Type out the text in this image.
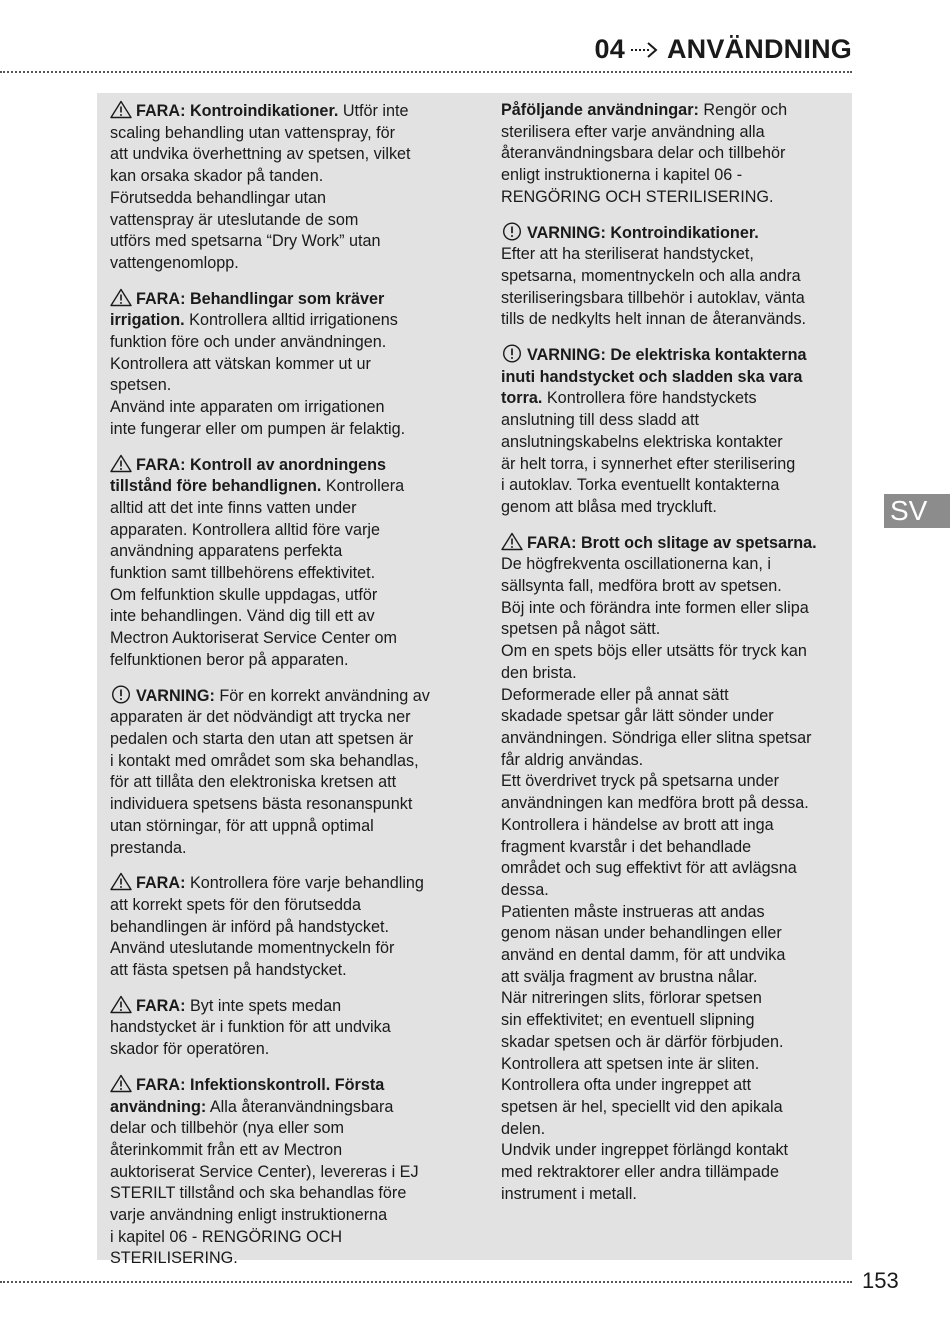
04 ANVÄNDNING
FARA: Kontroindikationer. Utför inte
scaling behandling utan vattenspray, för
att undvika överhettning av spetsen, vilket
kan orsaka skador på tanden.
Förutsedda behandlingar utan
vattenspray är uteslutande de som
utförs med spetsarna “Dry Work” utan
vattengenomlopp.
FARA: Behandlingar som kräver
irrigation. Kontrollera alltid irrigationens
funktion före och under användningen.
Kontrollera att vätskan kommer ut ur
spetsen.
Använd inte apparaten om irrigationen
inte fungerar eller om pumpen är felaktig.
FARA: Kontroll av anordningens
tillstånd före behandlignen. Kontrollera
alltid att det inte finns vatten under
apparaten. Kontrollera alltid före varje
användning apparatens perfekta
funktion samt tillbehörens effektivitet.
Om felfunktion skulle uppdagas, utför
inte behandlingen. Vänd dig till ett av
Mectron Auktoriserat Service Center om
felfunktionen beror på apparaten.
VARNING: För en korrekt användning av
apparaten är det nödvändigt att trycka ner
pedalen och starta den utan att spetsen är
i kontakt med området som ska behandlas,
för att tillåta den elektroniska kretsen att
individuera spetsens bästa resonanspunkt
utan störningar, för att uppnå optimal
prestanda.
FARA: Kontrollera före varje behandling
att korrekt spets för den förutsedda
behandlingen är införd på handstycket.
Använd uteslutande momentnyckeln för
att fästa spetsen på handstycket.
FARA: Byt inte spets medan
handstycket är i funktion för att undvika
skador för operatören.
FARA: Infektionskontroll. Första
användning: Alla återanvändningsbara
delar och tillbehör (nya eller som
återinkommit från ett av Mectron
auktoriserat Service Center), levereras i EJ
STERILT tillstånd och ska behandlas före
varje användning enligt instruktionerna
i kapitel 06 - RENGÖRING OCH
STERILISERING.
Påföljande användningar: Rengör och
sterilisera efter varje användning alla
återanvändningsbara delar och tillbehör
enligt instruktionerna i kapitel 06 -
RENGÖRING OCH STERILISERING.
VARNING: Kontroindikationer.
Efter att ha steriliserat handstycket,
spetsarna, momentnyckeln och alla andra
steriliseringsbara tillbehör i autoklav, vänta
tills de nedkylts helt innan de återanvänds.
VARNING: De elektriska kontakterna
inuti handstycket och sladden ska vara
torra. Kontrollera före handstyckets
anslutning till dess sladd att
anslutningskabelns elektriska kontakter
är helt torra, i synnerhet efter sterilisering
i autoklav. Torka eventuellt kontakterna
genom att blåsa med tryckluft.
FARA: Brott och slitage av spetsarna.
De högfrekventa oscillationerna kan, i
sällsynta fall, medföra brott av spetsen.
Böj inte och förändra inte formen eller slipa
spetsen på något sätt.
Om en spets böjs eller utsätts för tryck kan
den brista.
Deformerade eller på annat sätt
skadade spetsar går lätt sönder under
användningen. Söndriga eller slitna spetsar
får aldrig användas.
Ett överdrivet tryck på spetsarna under
användningen kan medföra brott på dessa.
Kontrollera i händelse av brott att inga
fragment kvarstår i det behandlade
området och sug effektivt för att avlägsna
dessa.
Patienten måste instrueras att andas
genom näsan under behandlingen eller
använd en dental damm, för att undvika
att svälja fragment av brustna nålar.
När nitreringen slits, förlorar spetsen
sin effektivitet; en eventuell slipning
skadar spetsen och är därför förbjuden.
Kontrollera att spetsen inte är sliten.
Kontrollera ofta under ingreppet att
spetsen är hel, speciellt vid den apikala
delen.
Undvik under ingreppet förlängd kontakt
med rektraktorer eller andra tillämpade
instrument i metall.
SV
153
